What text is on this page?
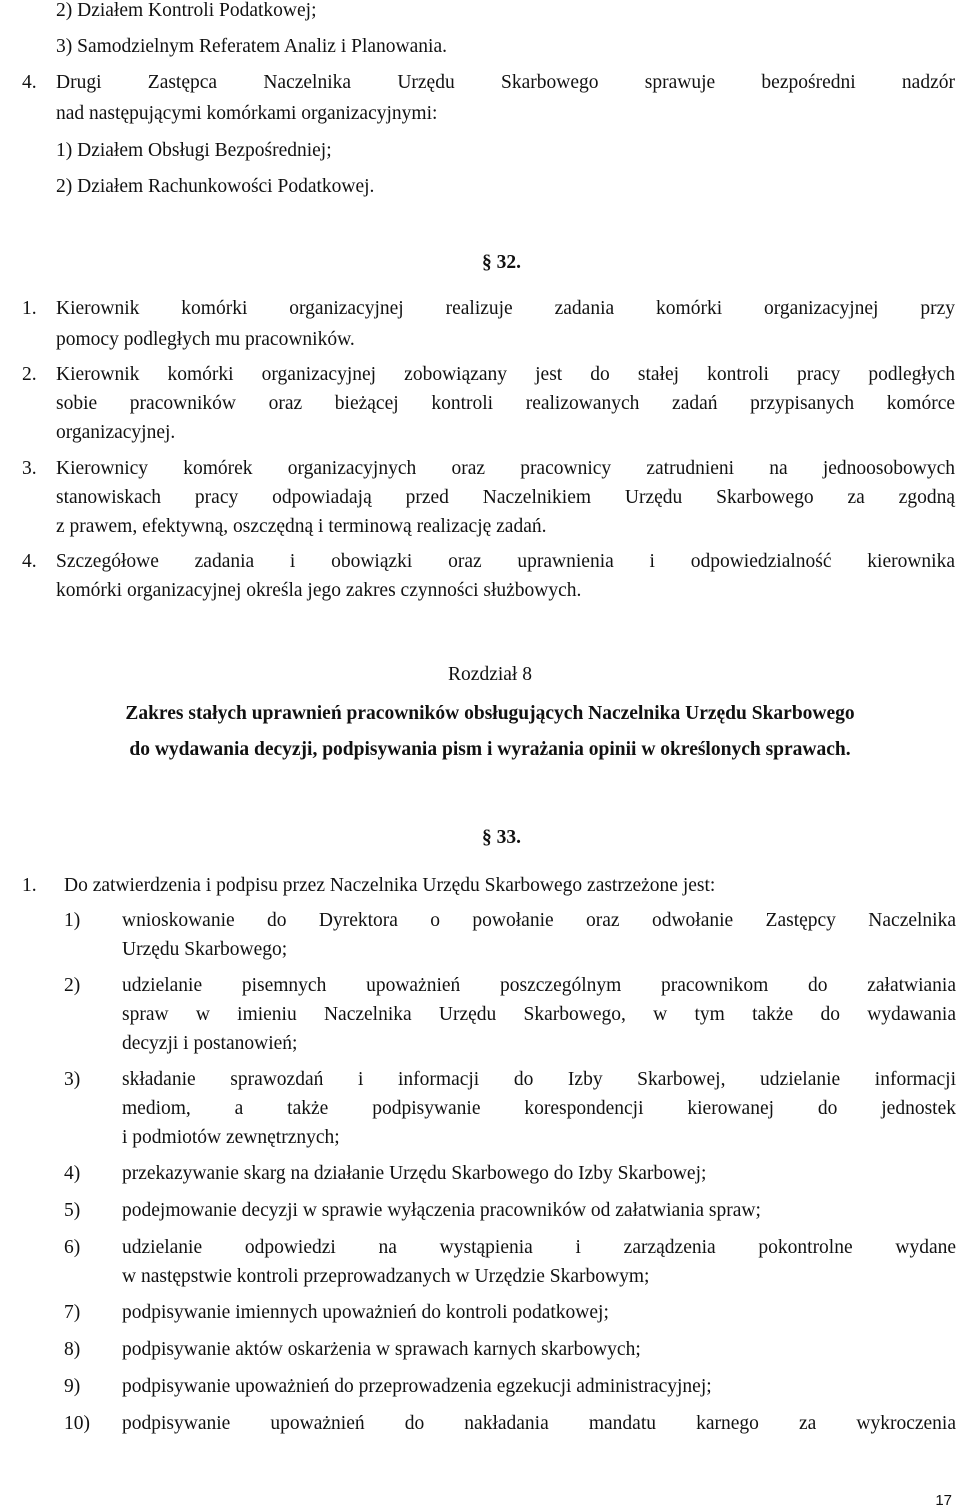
2) Działem Kontroli Podatkowej;
3) Samodzielnym Referatem Analiz i Planowania.
4. Drugi Zastępca Naczelnika Urzędu Skarbowego sprawuje bezpośredni nadzór
nad następującymi komórkami organizacyjnymi:
1) Działem Obsługi Bezpośredniej;
2) Działem Rachunkowości Podatkowej.
§ 32.
1. Kierownik komórki organizacyjnej realizuje zadania komórki organizacyjnej przy
pomocy podległych mu pracowników.
2. Kierownik komórki organizacyjnej zobowiązany jest do stałej kontroli pracy podległych
sobie pracowników oraz bieżącej kontroli realizowanych zadań przypisanych komórce
organizacyjnej.
3. Kierownicy komórek organizacyjnych oraz pracownicy zatrudnieni na jednoosobowych
stanowiskach pracy odpowiadają przed Naczelnikiem Urzędu Skarbowego za zgodną
z prawem, efektywną, oszczędną i terminową realizację zadań.
4. Szczegółowe zadania i obowiązki oraz uprawnienia i odpowiedzialność kierownika
komórki organizacyjnej określa jego zakres czynności służbowych.
Rozdział 8
Zakres stałych uprawnień pracowników obsługujących Naczelnika Urzędu Skarbowego
do wydawania decyzji, podpisywania pism i wyrażania opinii w określonych sprawach.
§ 33.
1. Do zatwierdzenia i podpisu przez Naczelnika Urzędu Skarbowego zastrzeżone jest:
1) wnioskowanie do Dyrektora o powołanie oraz odwołanie Zastępcy Naczelnika
Urzędu Skarbowego;
2) udzielanie pisemnych upoważnień poszczególnym pracownikom do załatwiania
spraw w imieniu Naczelnika Urzędu Skarbowego, w tym także do wydawania
decyzji i postanowień;
3) składanie sprawozdań i informacji do Izby Skarbowej, udzielanie informacji
mediom, a także podpisywanie korespondencji kierowanej do jednostek
i podmiotów zewnętrznych;
4) przekazywanie skarg na działanie Urzędu Skarbowego do Izby Skarbowej;
5) podejmowanie decyzji w sprawie wyłączenia pracowników od załatwiania spraw;
6) udzielanie odpowiedzi na wystąpienia i zarządzenia pokontrolne wydane
w następstwie kontroli przeprowadzanych w Urzędzie Skarbowym;
7) podpisywanie imiennych upoważnień do kontroli podatkowej;
8) podpisywanie aktów oskarżenia w sprawach karnych skarbowych;
9) podpisywanie upoważnień do przeprowadzenia egzekucji administracyjnej;
10) podpisywanie upoważnień do nakładania mandatu karnego za wykroczenia
17
